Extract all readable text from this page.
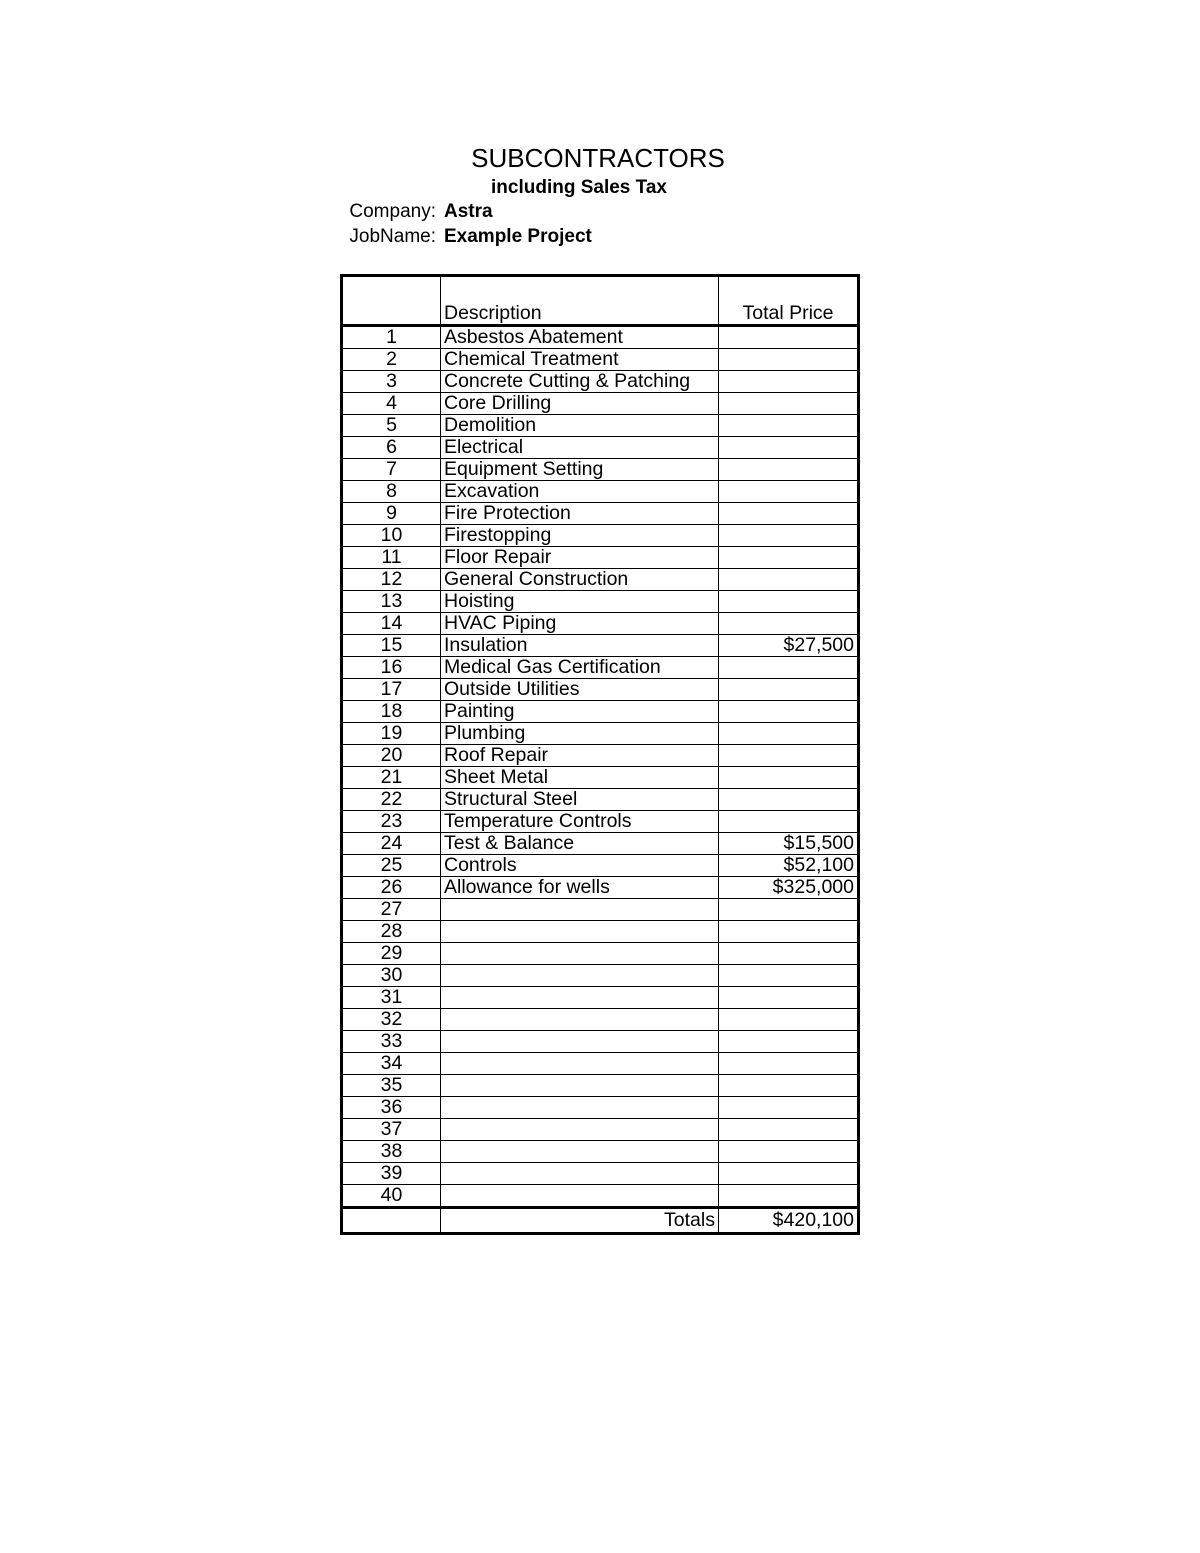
SUBCONTRACTORS
including Sales Tax
Company: Astra
JobName: Example Project
	Description	Total Price
1	Asbestos Abatement	
2	Chemical Treatment	
3	Concrete Cutting & Patching	
4	Core Drilling	
5	Demolition	
6	Electrical	
7	Equipment Setting	
8	Excavation	
9	Fire Protection	
10	Firestopping	
11	Floor Repair	
12	General Construction	
13	Hoisting	
14	HVAC Piping	
15	Insulation	$27,500
16	Medical Gas Certification	
17	Outside Utilities	
18	Painting	
19	Plumbing	
20	Roof Repair	
21	Sheet Metal	
22	Structural Steel	
23	Temperature Controls	
24	Test & Balance	$15,500
25	Controls	$52,100
26	Allowance for wells	$325,000
27		
28		
29		
30		
31		
32		
33		
34		
35		
36		
37		
38		
39		
40		
	Totals	$420,100
